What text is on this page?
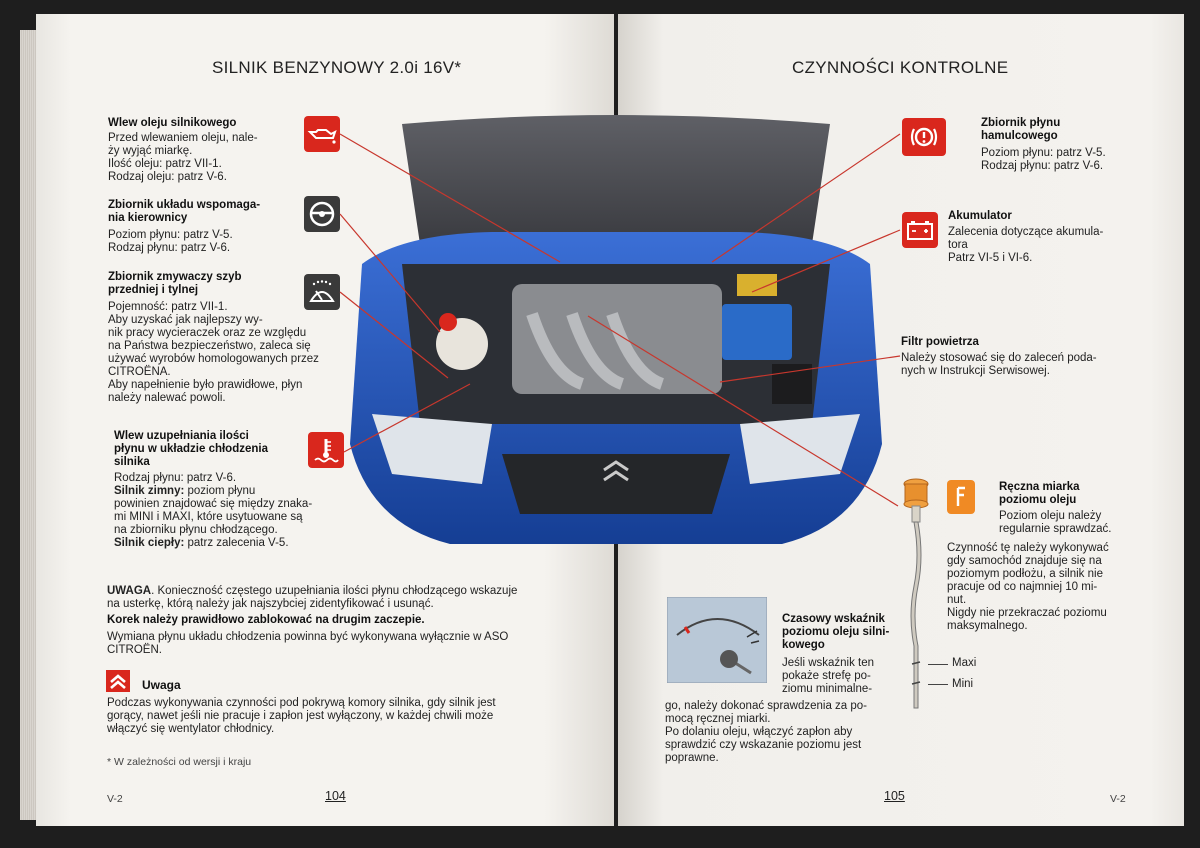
SILNIK BENZYNOWY 2.0i 16V*
Wlew oleju silnikowego
Przed wlewaniem oleju, nale-
ży wyjąć miarkę.
Ilość oleju: patrz VII-1.
Rodzaj oleju: patrz V-6.
Zbiornik układu wspomaga-
nia kierownicy
Poziom płynu: patrz V-5.
Rodzaj płynu: patrz V-6.
Zbiornik zmywaczy szyb
przedniej i tylnej
Pojemność: patrz VII-1.
Aby uzyskać jak najlepszy wy-
nik pracy wycieraczek oraz ze względu
na Państwa bezpieczeństwo, zaleca się
używać wyrobów homologowanych przez
CITROËNA.
Aby napełnienie było prawidłowe, płyn
należy nalewać powoli.
Wlew uzupełniania ilości
płynu w układzie chłodzenia
silnika
Rodzaj płynu: patrz V-6.
Silnik zimny: poziom płynu
powinien znajdować się między znaka-
mi MINI i MAXI, które usytuowane są
na zbiorniku płynu chłodzącego.
Silnik ciepły: patrz zalecenia V-5.
UWAGA. Konieczność częstego uzupełniania ilości płynu chłodzącego wskazuje
na usterkę, którą należy jak najszybciej zidentyfikować i usunąć.
Korek należy prawidłowo zablokować na drugim zaczepie.
Wymiana płynu układu chłodzenia powinna być wykonywana wyłącznie w ASO
CITROËN.
Uwaga
Podczas wykonywania czynności pod pokrywą komory silnika, gdy silnik jest
gorący, nawet jeśli nie pracuje i zapłon jest wyłączony, w każdej chwili może
włączyć się wentylator chłodnicy.
* W zależności od wersji i kraju
V-2	104
CZYNNOŚCI KONTROLNE
Zbiornik płynu
hamulcowego
Poziom płynu: patrz V-5.
Rodzaj płynu: patrz V-6.
Akumulator
Zalecenia dotyczące akumula-
tora
Patrz VI-5 i VI-6.
Filtr powietrza
Należy stosować się do zaleceń poda-
nych w Instrukcji Serwisowej.
Ręczna miarka
poziomu oleju
Poziom oleju należy
regularnie sprawdzać.
Czynność tę należy wykonywać
gdy samochód znajduje się na
poziomym podłożu, a silnik nie
pracuje od co najmniej 10 mi-
nut.
Nigdy nie przekraczać poziomu
maksymalnego.
Maxi
Mini
Czasowy wskaźnik
poziomu oleju silni-
kowego
Jeśli wskaźnik ten
pokaże strefę po-
ziomu minimalne-
go, należy dokonać sprawdzenia za po-
mocą ręcznej miarki.
Po dolaniu oleju, włączyć zapłon aby
sprawdzić czy wskazanie poziomu jest
poprawne.
105	V-2
